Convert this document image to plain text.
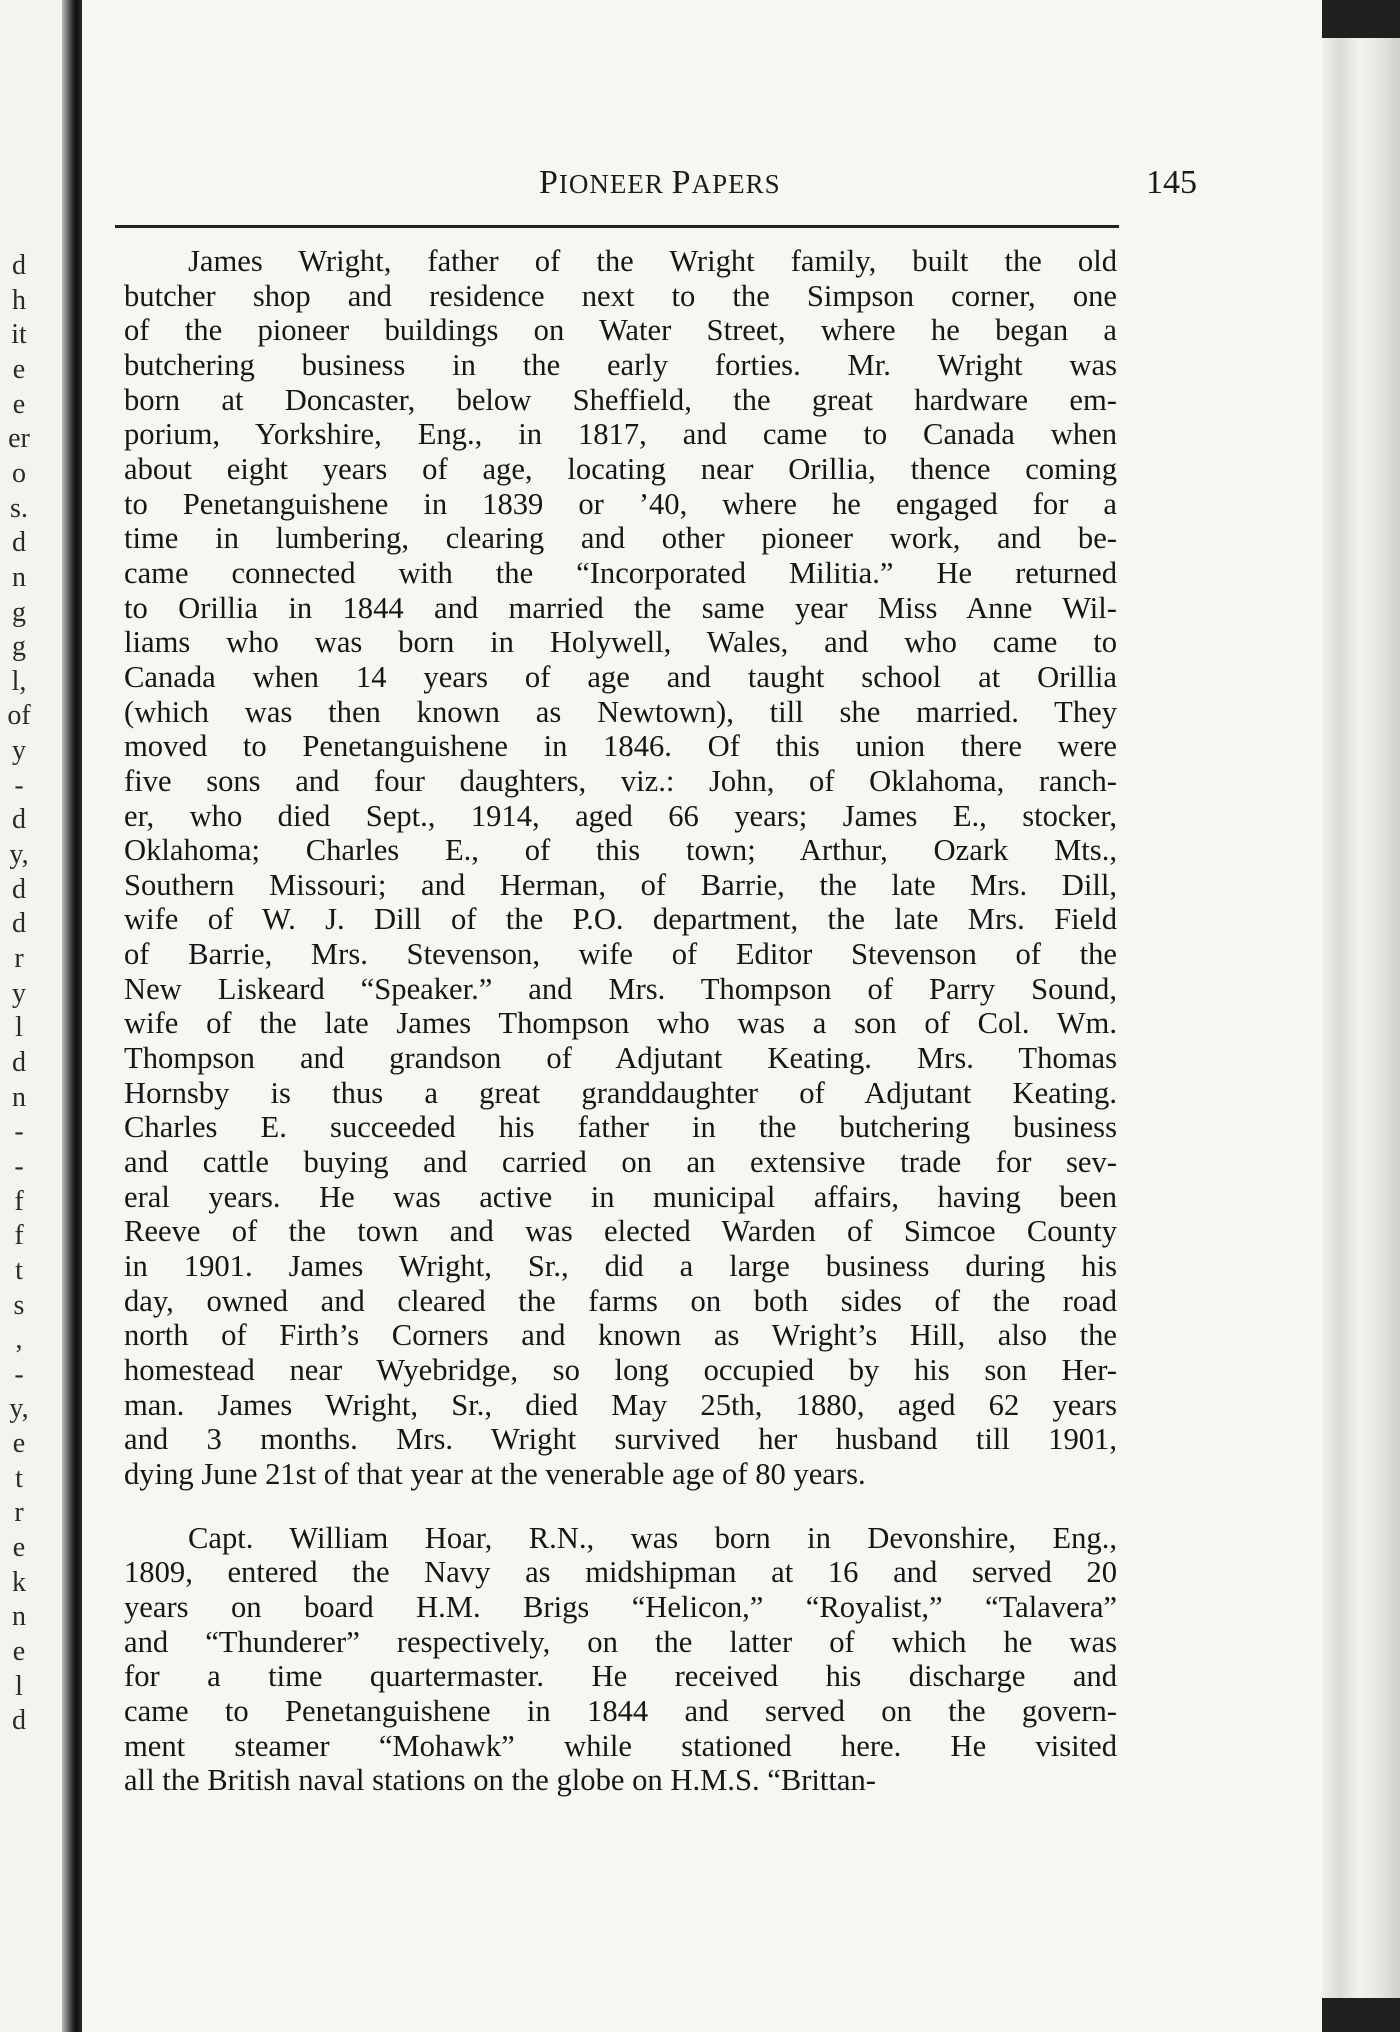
d
h
it
e
e
er
o
s.
d
n
g
g
l,
of
y
-
d
y,
d
d
r
y
l
d
n
-
-
f
f
t
s
,
-
y,
e
t
r
e
k
n
e
l
d
PIONEER PAPERS	145

James Wright, father of the Wright family, built the old
butcher shop and residence next to the Simpson corner, one
of the pioneer buildings on Water Street, where he began a
butchering business in the early forties. Mr. Wright was
born at Doncaster, below Sheffield, the great hardware em-
porium, Yorkshire, Eng., in 1817, and came to Canada when
about eight years of age, locating near Orillia, thence coming
to Penetanguishene in 1839 or ’40, where he engaged for a
time in lumbering, clearing and other pioneer work, and be-
came connected with the “Incorporated Militia.” He returned
to Orillia in 1844 and married the same year Miss Anne Wil-
liams who was born in Holywell, Wales, and who came to
Canada when 14 years of age and taught school at Orillia
(which was then known as Newtown), till she married. They
moved to Penetanguishene in 1846. Of this union there were
five sons and four daughters, viz.: John, of Oklahoma, ranch-
er, who died Sept., 1914, aged 66 years; James E., stocker,
Oklahoma; Charles E., of this town; Arthur, Ozark Mts.,
Southern Missouri; and Herman, of Barrie, the late Mrs. Dill,
wife of W. J. Dill of the P.O. department, the late Mrs. Field
of Barrie, Mrs. Stevenson, wife of Editor Stevenson of the
New Liskeard “Speaker.” and Mrs. Thompson of Parry Sound,
wife of the late James Thompson who was a son of Col. Wm.
Thompson and grandson of Adjutant Keating. Mrs. Thomas
Hornsby is thus a great granddaughter of Adjutant Keating.
Charles E. succeeded his father in the butchering business
and cattle buying and carried on an extensive trade for sev-
eral years. He was active in municipal affairs, having been
Reeve of the town and was elected Warden of Simcoe County
in 1901. James Wright, Sr., did a large business during his
day, owned and cleared the farms on both sides of the road
north of Firth’s Corners and known as Wright’s Hill, also the
homestead near Wyebridge, so long occupied by his son Her-
man. James Wright, Sr., died May 25th, 1880, aged 62 years
and 3 months. Mrs. Wright survived her husband till 1901,
dying June 21st of that year at the venerable age of 80 years.

Capt. William Hoar, R.N., was born in Devonshire, Eng.,
1809, entered the Navy as midshipman at 16 and served 20
years on board H.M. Brigs “Helicon,” “Royalist,” “Talavera”
and “Thunderer” respectively, on the latter of which he was
for a time quartermaster. He received his discharge and
came to Penetanguishene in 1844 and served on the govern-
ment steamer “Mohawk” while stationed here. He visited
all the British naval stations on the globe on H.M.S. “Brittan-
